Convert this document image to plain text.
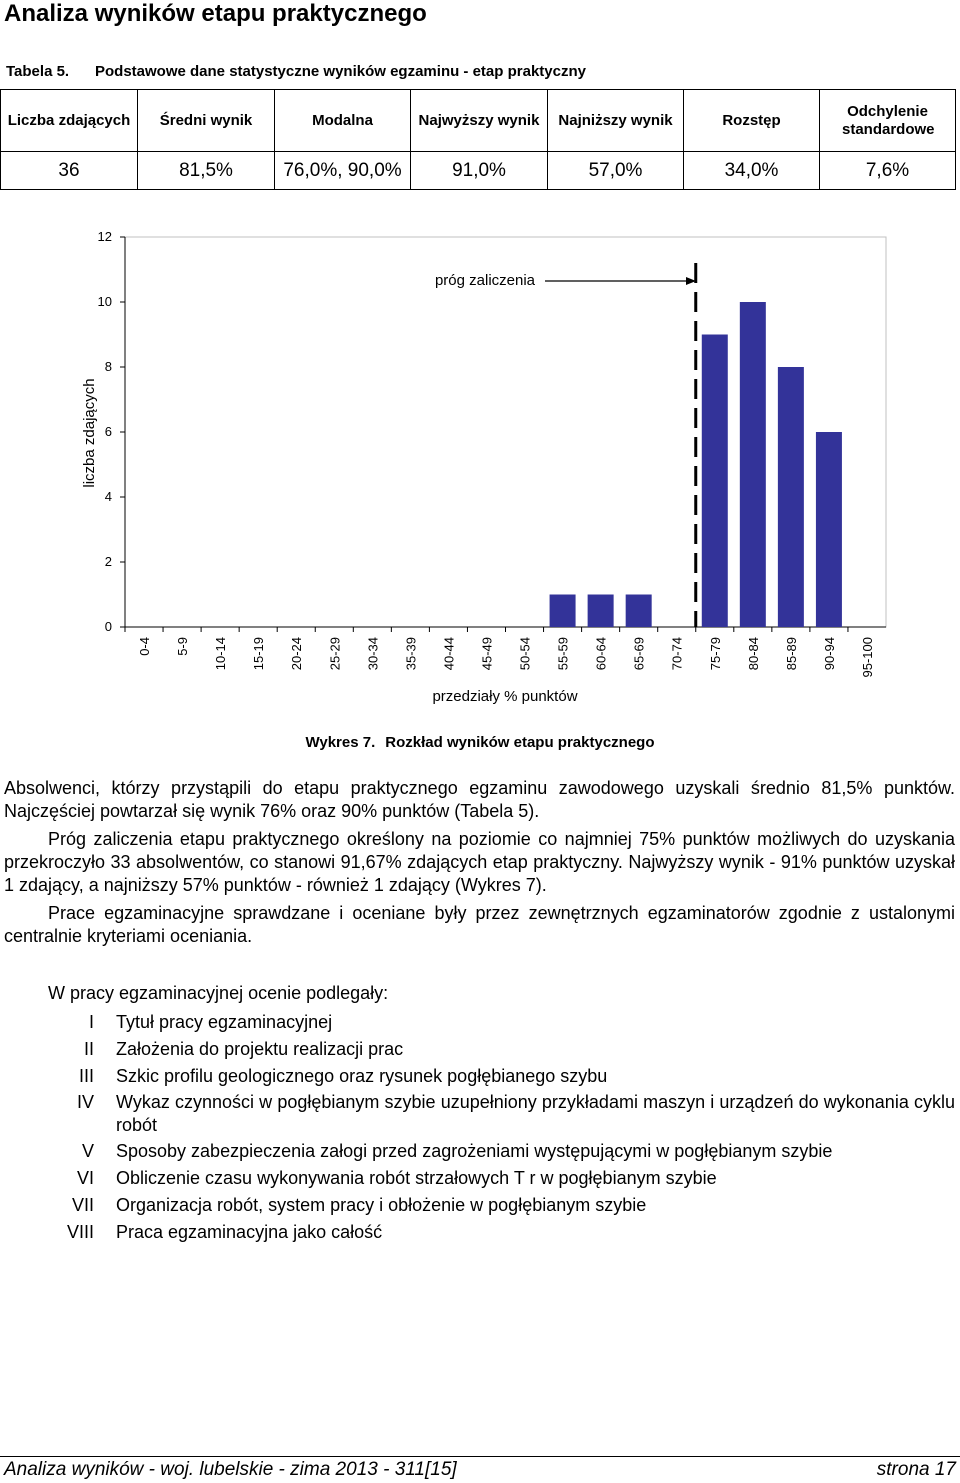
Analiza wyników etapu praktycznego
Tabela 5. Podstawowe dane statystyczne wyników egzaminu - etap praktyczny
Liczba zdających	Średni wynik	Modalna	Najwyższy wynik	Najniższy wynik	Rozstęp	Odchylenie standardowe
36	81,5%	76,0%, 90,0%	91,0%	57,0%	34,0%	7,6%
0-4 5-9 10-14 15-19 20-24 25-29 30-34 35-39 40-44 45-49 50-54 55-59 60-64 65-69 70-74 75-79 80-84 85-89 90-94 95-100
0
2
4
6
8
10
12
liczba zdających
przedziały % punktów
próg zaliczenia
Wykres 7. Rozkład wyników etapu praktycznego
Absolwenci, którzy przystąpili do etapu praktycznego egzaminu zawodowego uzyskali średnio 81,5% punktów. Najczęściej powtarzał się wynik 76% oraz 90% punktów (Tabela 5).
Próg zaliczenia etapu praktycznego określony na poziomie co najmniej 75% punktów możliwych do uzyskania przekroczyło 33 absolwentów, co stanowi 91,67% zdających etap praktyczny. Najwyższy wynik - 91% punktów uzyskał 1 zdający, a najniższy 57% punktów - również 1 zdający (Wykres 7).
Prace egzaminacyjne sprawdzane i oceniane były przez zewnętrznych egzaminatorów zgodnie z ustalonymi centralnie kryteriami oceniania.
W pracy egzaminacyjnej ocenie podlegały:
I Tytuł pracy egzaminacyjnej
II Założenia do projektu realizacji prac
III Szkic profilu geologicznego oraz rysunek pogłębianego szybu
IV Wykaz czynności w pogłębianym szybie uzupełniony przykładami maszyn i urządzeń do wykonania cyklu robót
V Sposoby zabezpieczenia załogi przed zagrożeniami występującymi w pogłębianym szybie
VI Obliczenie czasu wykonywania robót strzałowych T r w pogłębianym szybie
VII Organizacja robót, system pracy i obłożenie w pogłębianym szybie
VIII Praca egzaminacyjna jako całość
Analiza wyników - woj. lubelskie - zima 2013 - 311[15]	strona 17
